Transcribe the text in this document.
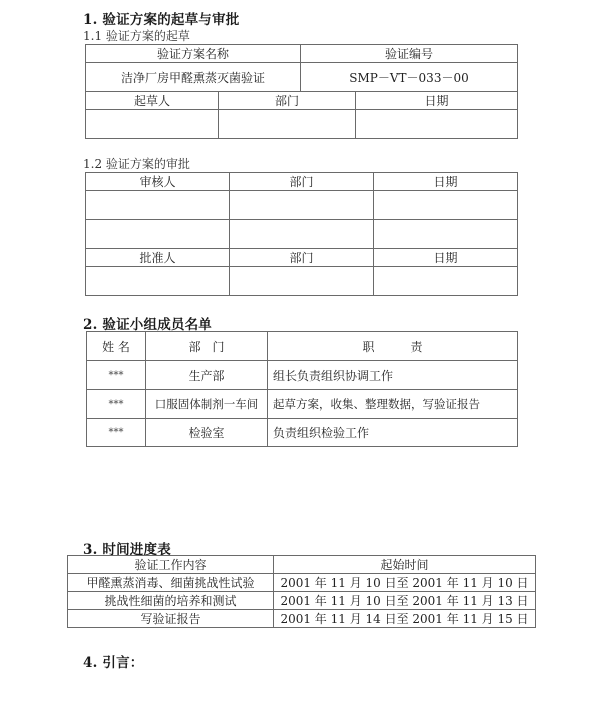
1. 验证方案的起草与审批
1.1 验证方案的起草
验证方案名称		验证编号	
洁净厂房甲醛熏蒸灭菌验证		SMP－VT－033－00	
起草人	部门		日期

1.2 验证方案的审批
审核人	部门	日期

批准人	部门	日期

2. 验证小组成员名单
姓 名	部　门	职　　　责
***	生产部	组长负责组织协调工作
***	口服固体制剂一车间	起草方案，收集、整理数据，写验证报告
***	检验室	负责组织检验工作
3. 时间进度表
验证工作内容	起始时间
甲醛熏蒸消毒、细菌挑战性试验	2001 年 11 月 10 日至 2001 年 11 月 10 日
挑战性细菌的培养和测试	2001 年 11 月 10 日至 2001 年 11 月 13 日
写验证报告	2001 年 11 月 14 日至 2001 年 11 月 15 日
4. 引言：
